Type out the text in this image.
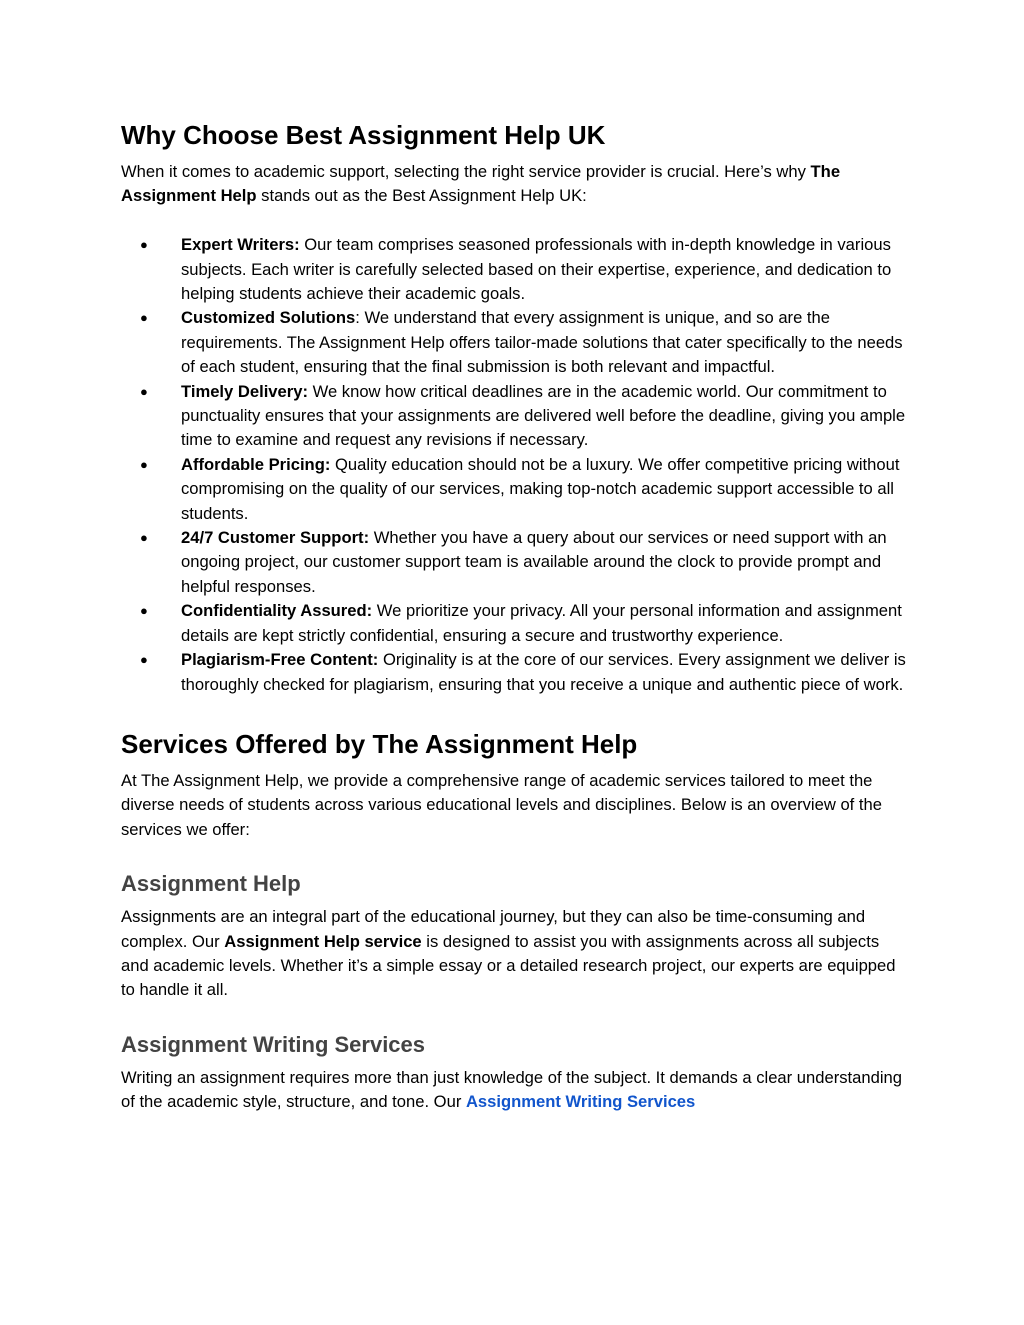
Why Choose Best Assignment Help UK

When it comes to academic support, selecting the right service provider is crucial. Here’s why The Assignment Help stands out as the Best Assignment Help UK:

● Expert Writers: Our team comprises seasoned professionals with in-depth knowledge in various subjects. Each writer is carefully selected based on their expertise, experience, and dedication to helping students achieve their academic goals.
● Customized Solutions: We understand that every assignment is unique, and so are the requirements. The Assignment Help offers tailor-made solutions that cater specifically to the needs of each student, ensuring that the final submission is both relevant and impactful.
● Timely Delivery: We know how critical deadlines are in the academic world. Our commitment to punctuality ensures that your assignments are delivered well before the deadline, giving you ample time to examine and request any revisions if necessary.
● Affordable Pricing: Quality education should not be a luxury. We offer competitive pricing without compromising on the quality of our services, making top-notch academic support accessible to all students.
● 24/7 Customer Support: Whether you have a query about our services or need support with an ongoing project, our customer support team is available around the clock to provide prompt and helpful responses.
● Confidentiality Assured: We prioritize your privacy. All your personal information and assignment details are kept strictly confidential, ensuring a secure and trustworthy experience.
● Plagiarism-Free Content: Originality is at the core of our services. Every assignment we deliver is thoroughly checked for plagiarism, ensuring that you receive a unique and authentic piece of work.
Services Offered by The Assignment Help

At The Assignment Help, we provide a comprehensive range of academic services tailored to meet the diverse needs of students across various educational levels and disciplines. Below is an overview of the services we offer:

Assignment Help

Assignments are an integral part of the educational journey, but they can also be time-consuming and complex. Our Assignment Help service is designed to assist you with assignments across all subjects and academic levels. Whether it’s a simple essay or a detailed research project, our experts are equipped to handle it all.

Assignment Writing Services

Writing an assignment requires more than just knowledge of the subject. It demands a clear understanding of the academic style, structure, and tone. Our Assignment Writing Services
